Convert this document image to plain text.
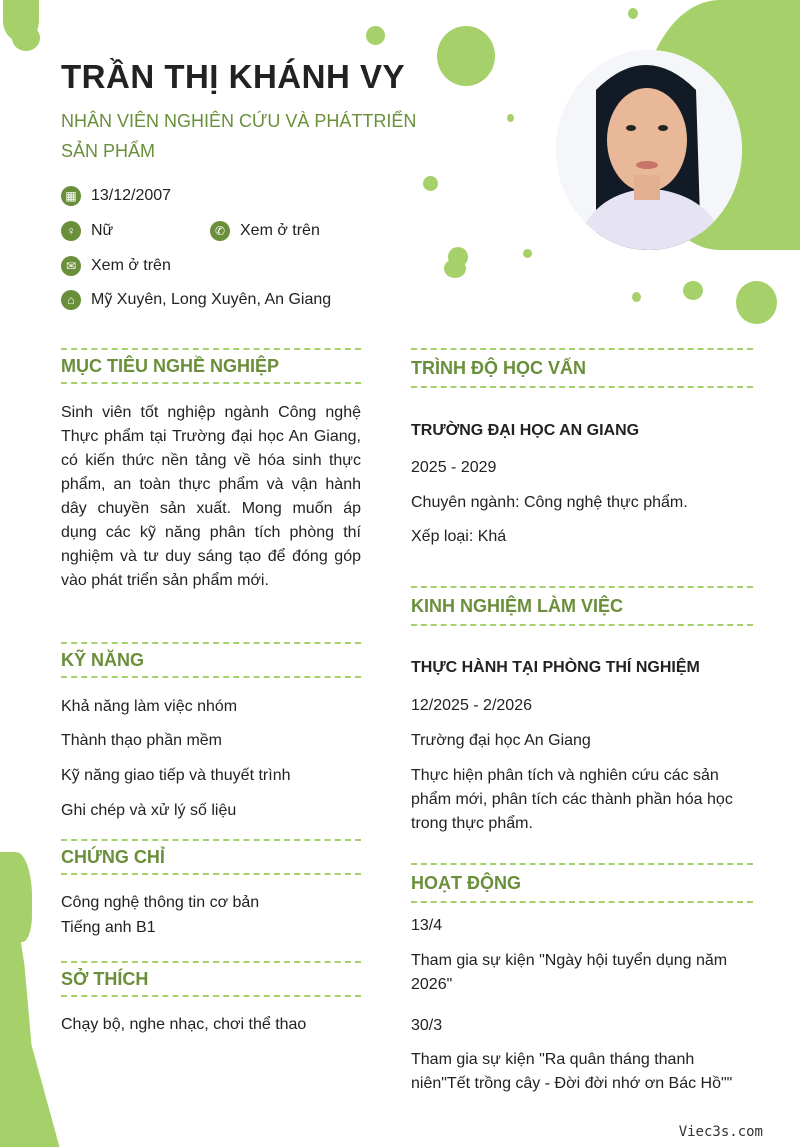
TRẦN THỊ KHÁNH VY
NHÂN VIÊN NGHIÊN CỨU VÀ PHÁTTRIỂN SẢN PHẨM
▦ 13/12/2007
♀ Nữ	✆ Xem ở trên
✉ Xem ở trên
⌂	Mỹ Xuyên, Long Xuyên, An Giang
MỤC TIÊU NGHỀ NGHIỆP
Sinh viên tốt nghiệp ngành Công nghệ Thực phẩm tại Trường đại học An Giang, có kiến thức nền tảng về hóa sinh thực phẩm, an toàn thực phẩm và vận hành dây chuyền sản xuất. Mong muốn áp dụng các kỹ năng phân tích phòng thí nghiệm và tư duy sáng tạo để đóng góp vào phát triển sản phẩm mới.
KỸ NĂNG
Khả năng làm việc nhóm
Thành thạo phần mềm
Kỹ năng giao tiếp và thuyết trình
Ghi chép và xử lý số liệu
CHỨNG CHỈ
Công nghệ thông tin cơ bản
Tiếng anh B1
SỞ THÍCH
Chạy bộ, nghe nhạc, chơi thể thao
TRÌNH ĐỘ HỌC VẤN
TRƯỜNG ĐẠI HỌC AN GIANG
2025 - 2029
Chuyên ngành: Công nghệ thực phẩm.
Xếp loại: Khá
KINH NGHIỆM LÀM VIỆC
THỰC HÀNH TẠI PHÒNG THÍ NGHIỆM
12/2025 - 2/2026
Trường đại học An Giang
Thực hiện phân tích và nghiên cứu các sản phẩm mới, phân tích các thành phần hóa học trong thực phẩm.
HOẠT ĐỘNG
13/4
Tham gia sự kiện "Ngày hội tuyển dụng năm 2026"
30/3
Tham gia sự kiện "Ra quân tháng thanh niên"Tết trồng cây - Đời đời nhớ ơn Bác Hồ""
Viec3s.com
